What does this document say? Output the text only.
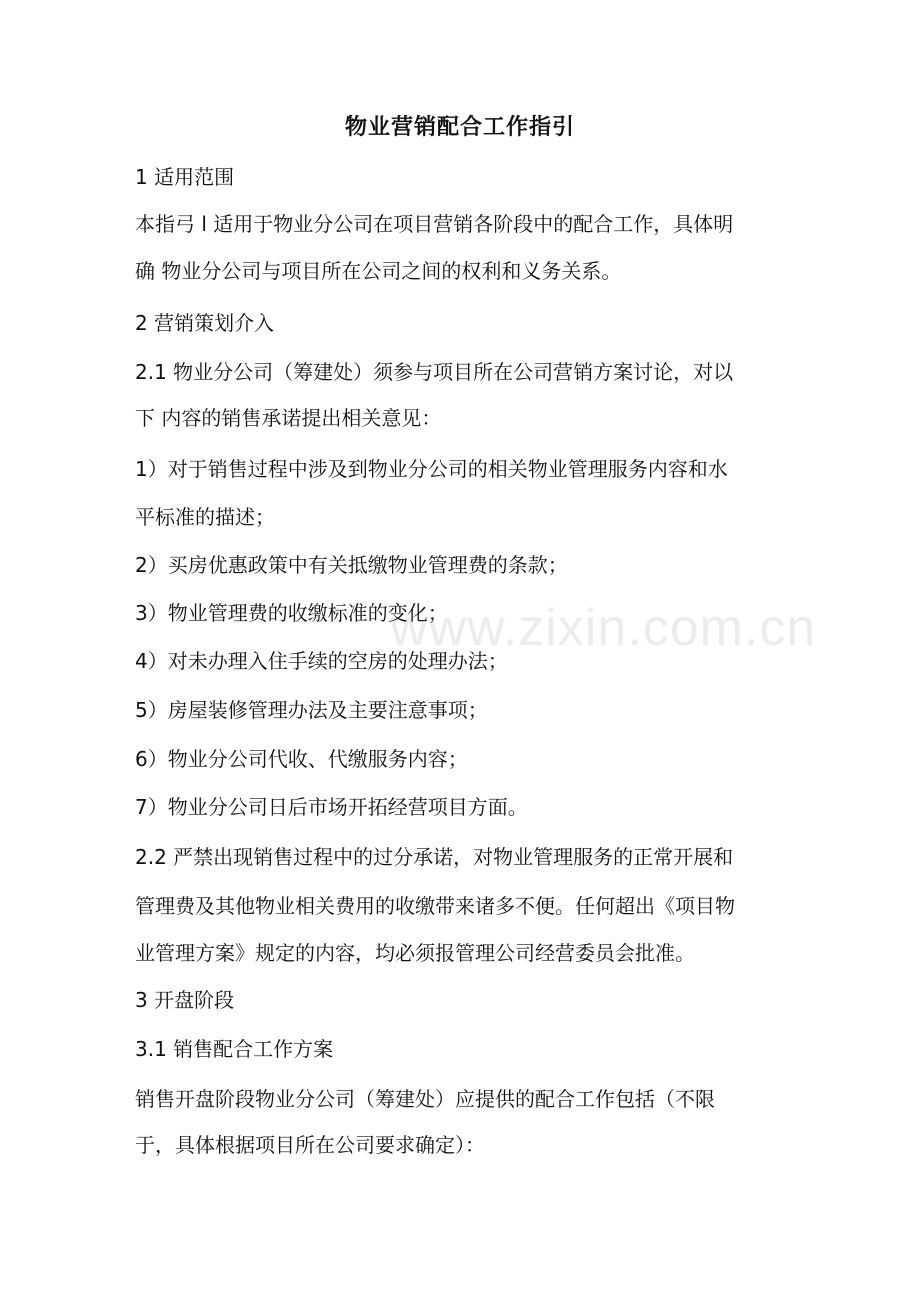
物业营销配合工作指引
1 适用范围
本指弓 l 适用于物业分公司在项目营销各阶段中的配合工作，具体明
确 物业分公司与项目所在公司之间的权利和义务关系。
2 营销策划介入
2.1 物业分公司（筹建处）须参与项目所在公司营销方案讨论，对以
下 内容的销售承诺提出相关意见：
1）对于销售过程中涉及到物业分公司的相关物业管理服务内容和水
平标准的描述；
2）买房优惠政策中有关抵缴物业管理费的条款；
3）物业管理费的收缴标准的变化；
4）对未办理入住手续的空房的处理办法；
5）房屋装修管理办法及主要注意事项；
6）物业分公司代收、代缴服务内容；
7）物业分公司日后市场开拓经营项目方面。
2.2 严禁出现销售过程中的过分承诺，对物业管理服务的正常开展和
管理费及其他物业相关费用的收缴带来诸多不便。任何超出《项目物
业管理方案》规定的内容，均必须报管理公司经营委员会批准。
3 开盘阶段
3.1 销售配合工作方案
销售开盘阶段物业分公司（筹建处）应提供的配合工作包括（不限
于，具体根据项目所在公司要求确定）：
www.zixin.com.cn
